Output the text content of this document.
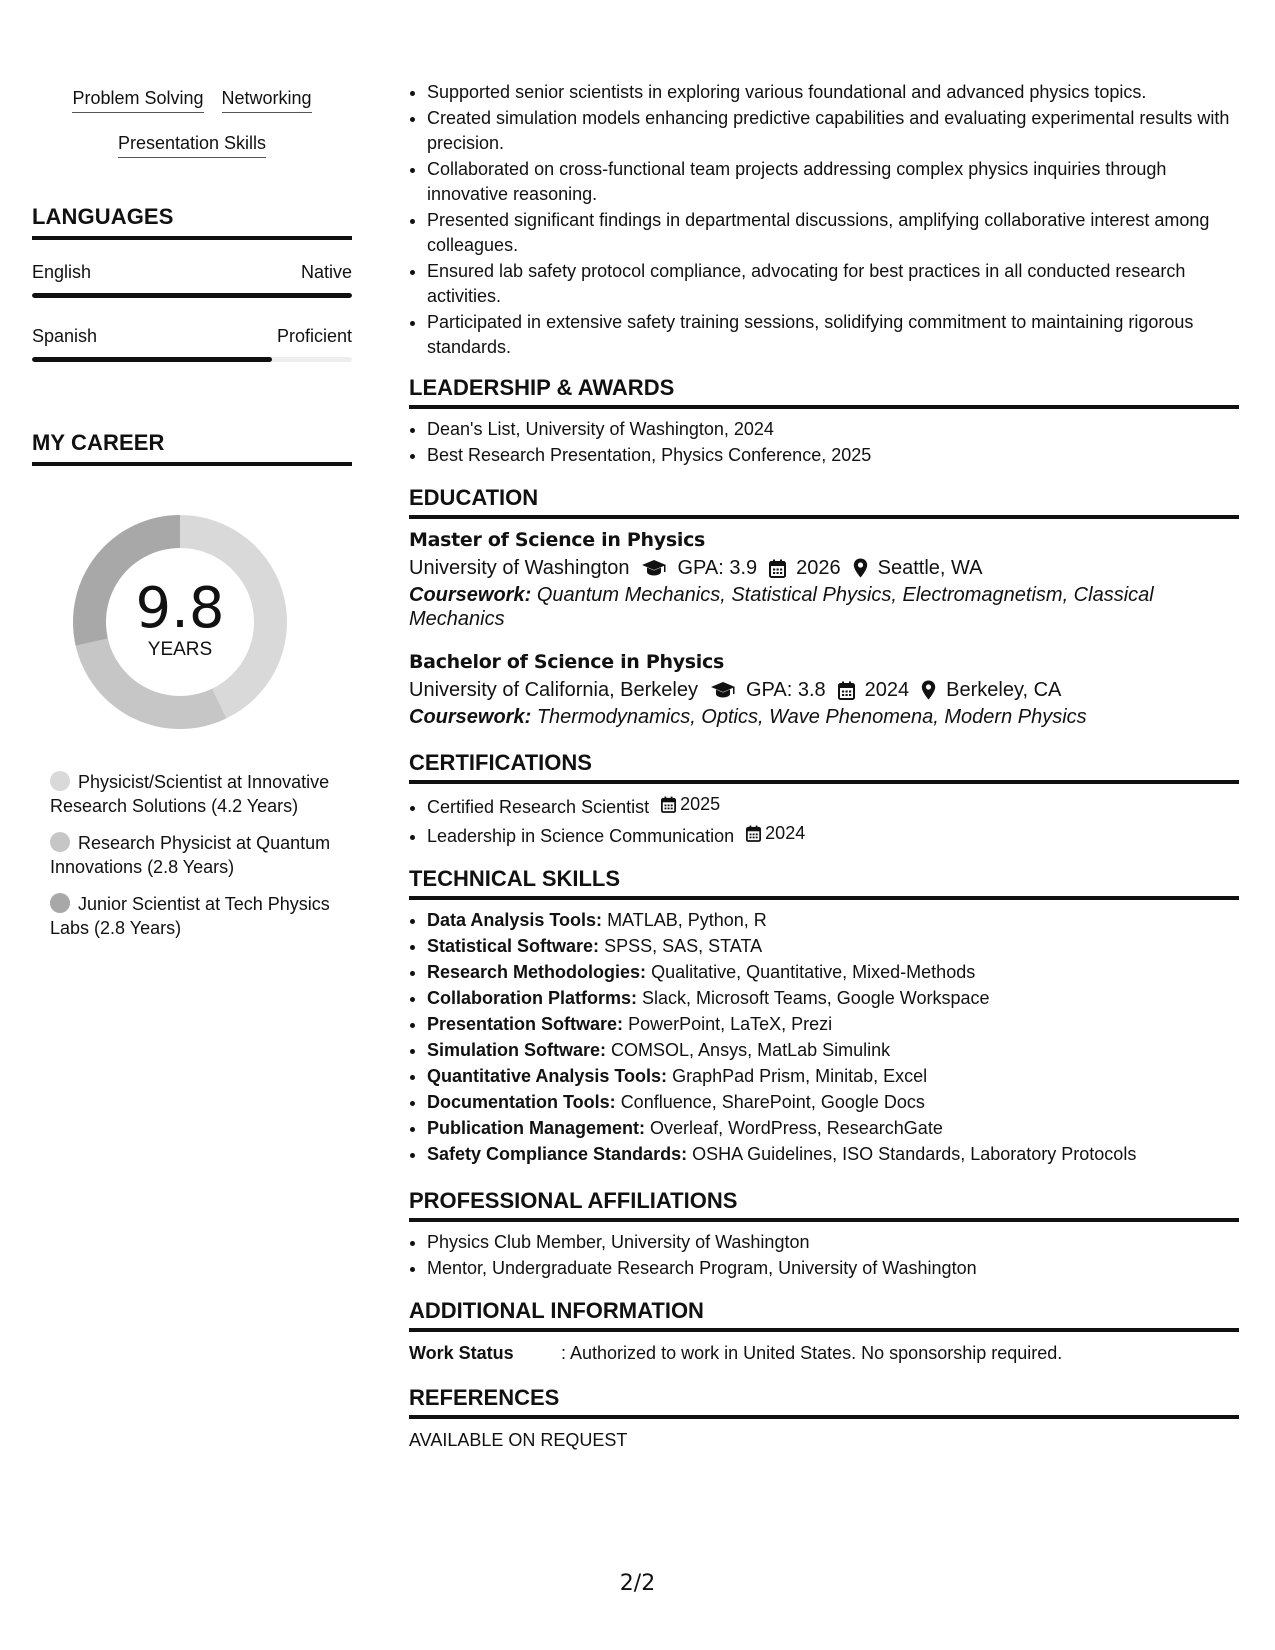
Problem Solving Networking
Presentation Skills
LANGUAGES
English	Native
Spanish	Proficient
MY CAREER
9.8
YEARS
Physicist/Scientist at Innovative Research Solutions (4.2 Years)
Research Physicist at Quantum Innovations (2.8 Years)
Junior Scientist at Tech Physics Labs (2.8 Years)
• Supported senior scientists in exploring various foundational and advanced physics topics.
• Created simulation models enhancing predictive capabilities and evaluating experimental results with precision.
• Collaborated on cross-functional team projects addressing complex physics inquiries through innovative reasoning.
• Presented significant findings in departmental discussions, amplifying collaborative interest among colleagues.
• Ensured lab safety protocol compliance, advocating for best practices in all conducted research activities.
• Participated in extensive safety training sessions, solidifying commitment to maintaining rigorous standards.
LEADERSHIP & AWARDS
• Dean's List, University of Washington, 2024
• Best Research Presentation, Physics Conference, 2025
EDUCATION
Master of Science in Physics
University of Washington GPA: 3.9 2026 Seattle, WA
Coursework: Quantum Mechanics, Statistical Physics, Electromagnetism, Classical Mechanics
Bachelor of Science in Physics
University of California, Berkeley GPA: 3.8 2024 Berkeley, CA
Coursework: Thermodynamics, Optics, Wave Phenomena, Modern Physics
CERTIFICATIONS
• Certified Research Scientist 2025
• Leadership in Science Communication 2024
TECHNICAL SKILLS
• Data Analysis Tools: MATLAB, Python, R
• Statistical Software: SPSS, SAS, STATA
• Research Methodologies: Qualitative, Quantitative, Mixed-Methods
• Collaboration Platforms: Slack, Microsoft Teams, Google Workspace
• Presentation Software: PowerPoint, LaTeX, Prezi
• Simulation Software: COMSOL, Ansys, MatLab Simulink
• Quantitative Analysis Tools: GraphPad Prism, Minitab, Excel
• Documentation Tools: Confluence, SharePoint, Google Docs
• Publication Management: Overleaf, WordPress, ResearchGate
• Safety Compliance Standards: OSHA Guidelines, ISO Standards, Laboratory Protocols
PROFESSIONAL AFFILIATIONS
• Physics Club Member, University of Washington
• Mentor, Undergraduate Research Program, University of Washington
ADDITIONAL INFORMATION
Work Status	: Authorized to work in United States. No sponsorship required.
REFERENCES
AVAILABLE ON REQUEST
2/2
